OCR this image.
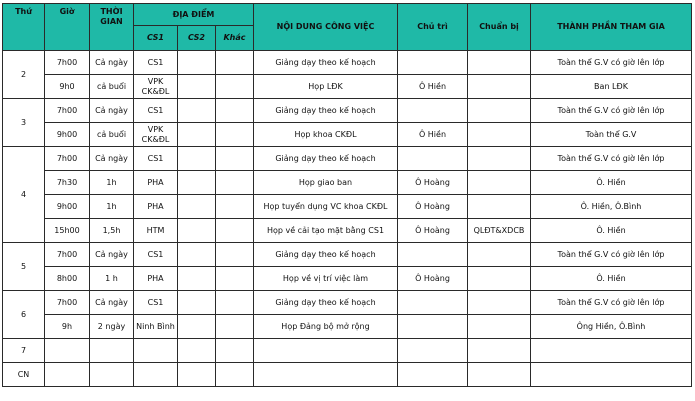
Thứ	Giờ	THỜI GIAN	ĐỊA ĐIỂM			NỘI DUNG CÔNG VIỆC	Chủ trì	Chuẩn bị	THÀNH PHẦN THAM GIA
			CS1	CS2	Khác				
2	7h00	Cả ngày	CS1			Giảng dạy theo kế hoạch			Toàn thể G.V có giờ lên lớp
	9h0	cả buổi	VPK CK&ĐL			Họp LĐK	Ô Hiền		Ban LĐK
3	7h00	Cả ngày	CS1			Giảng dạy theo kế hoạch			Toàn thể G.V có giờ lên lớp
	9h00	cả buổi	VPK CK&ĐL			Họp khoa CKĐL	Ô Hiền		Toàn thể G.V
4	7h00	Cả ngày	CS1			Giảng dạy theo kế hoạch			Toàn thể G.V có giờ lên lớp
	7h30	1h	PHA			Họp giao ban	Ô Hoàng		Ô. Hiền
	9h00	1h	PHA			Họp tuyển dụng VC khoa CKĐL	Ô Hoàng		Ô. Hiền, Ô.Bình
	15h00	1,5h	HTM			Họp về cải tạo mặt bằng CS1	Ô Hoàng	QLĐT&XDCB	Ô. Hiền
5	7h00	Cả ngày	CS1			Giảng dạy theo kế hoạch			Toàn thể G.V có giờ lên lớp
	8h00	1 h	PHA			Họp về vị trí việc làm	Ô Hoàng		Ô. Hiền
6	7h00	Cả ngày	CS1			Giảng dạy theo kế hoạch			Toàn thể G.V có giờ lên lớp
	9h	2 ngày	Ninh Bình			Họp Đảng bộ mở rộng			Ông Hiền, Ô.Bình
7									
CN									
